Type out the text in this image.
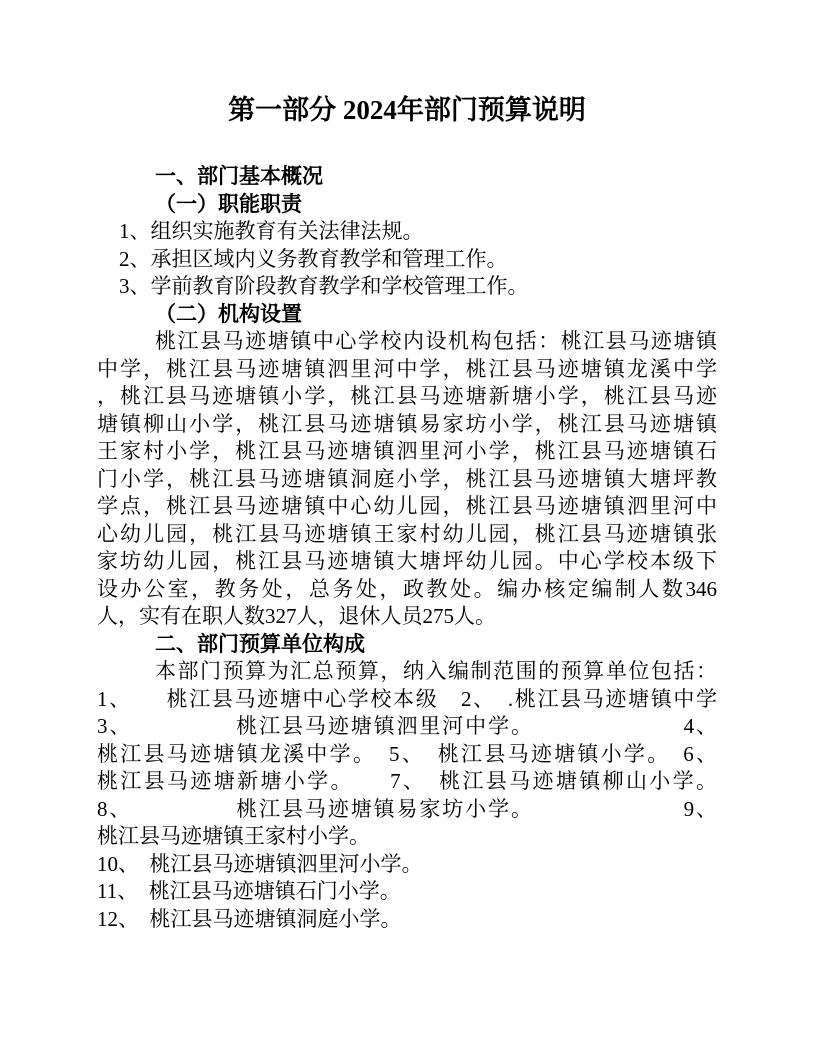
第一部分 2024年部门预算说明
一、部门基本概况
（一）职能职责
1、组织实施教育有关法律法规。
2、承担区域内义务教育教学和管理工作。
3、学前教育阶段教育教学和学校管理工作。
（二）机构设置
桃江县马迹塘镇中心学校内设机构包括：桃江县马迹塘镇
中学，桃江县马迹塘镇泗里河中学，桃江县马迹塘镇龙溪中学
，桃江县马迹塘镇小学，桃江县马迹塘新塘小学，桃江县马迹
塘镇柳山小学，桃江县马迹塘镇易家坊小学，桃江县马迹塘镇
王家村小学，桃江县马迹塘镇泗里河小学，桃江县马迹塘镇石
门小学，桃江县马迹塘镇洞庭小学，桃江县马迹塘镇大塘坪教
学点，桃江县马迹塘镇中心幼儿园，桃江县马迹塘镇泗里河中
心幼儿园，桃江县马迹塘镇王家村幼儿园，桃江县马迹塘镇张
家坊幼儿园，桃江县马迹塘镇大塘坪幼儿园。中心学校本级下
设办公室，教务处，总务处，政教处。编办核定编制人数346
人，实有在职人数327人，退休人员275人。
二、部门预算单位构成
本部门预算为汇总预算，纳入编制范围的预算单位包括：
1、　　桃江县马迹塘中心学校本级　2、　.桃江县马迹塘镇中学
3、　　　　　桃江县马迹塘镇泗里河中学。　　　　　　　4、
桃江县马迹塘镇龙溪中学。　5、　桃江县马迹塘镇小学。　6、
桃江县马迹塘新塘小学。　　7、　桃江县马迹塘镇柳山小学。
8、　　　　　桃江县马迹塘镇易家坊小学。　　　　　　　9、
桃江县马迹塘镇王家村小学。
10、　桃江县马迹塘镇泗里河小学。
11、　桃江县马迹塘镇石门小学。
12、　桃江县马迹塘镇洞庭小学。
